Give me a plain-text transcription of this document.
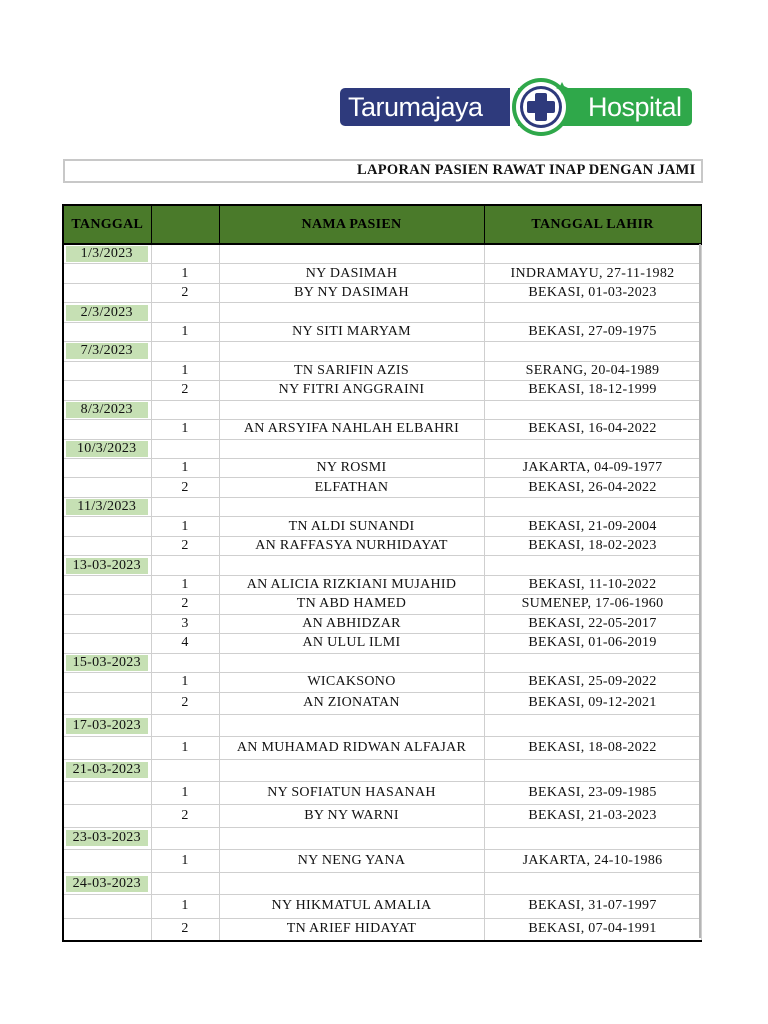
Tarumajaya	Hospital
LAPORAN PASIEN RAWAT INAP DENGAN JAMI
TANGGAL		NAMA PASIEN	TANGGAL LAHIR

1/3/2023			

	1	NY DASIMAH	INDRAMAYU, 27-11-1982
	2	BY NY DASIMAH	BEKASI, 01-03-2023

2/3/2023			

	1	NY SITI MARYAM	BEKASI, 27-09-1975

7/3/2023			

	1	TN SARIFIN AZIS	SERANG, 20-04-1989
	2	NY FITRI ANGGRAINI	BEKASI, 18-12-1999

8/3/2023			

	1	AN ARSYIFA NAHLAH ELBAHRI	BEKASI, 16-04-2022

10/3/2023			

	1	NY ROSMI	JAKARTA, 04-09-1977
	2	ELFATHAN	BEKASI, 26-04-2022

11/3/2023			

	1	TN ALDI SUNANDI	BEKASI, 21-09-2004
	2	AN RAFFASYA NURHIDAYAT	BEKASI, 18-02-2023

13-03-2023			

	1	AN ALICIA RIZKIANI MUJAHID	BEKASI, 11-10-2022
	2	TN ABD HAMED	SUMENEP, 17-06-1960
	3	AN ABHIDZAR	BEKASI, 22-05-2017
	4	AN ULUL ILMI	BEKASI, 01-06-2019

15-03-2023			

	1	WICAKSONO	BEKASI, 25-09-2022
	2	AN ZIONATAN	BEKASI, 09-12-2021

17-03-2023			

	1	AN MUHAMAD RIDWAN ALFAJAR	BEKASI, 18-08-2022

21-03-2023			

	1	NY SOFIATUN HASANAH	BEKASI, 23-09-1985
	2	BY NY WARNI	BEKASI, 21-03-2023

23-03-2023			

	1	NY NENG YANA	JAKARTA, 24-10-1986

24-03-2023			

	1	NY HIKMATUL AMALIA	BEKASI, 31-07-1997
	2	TN ARIEF HIDAYAT	BEKASI, 07-04-1991
